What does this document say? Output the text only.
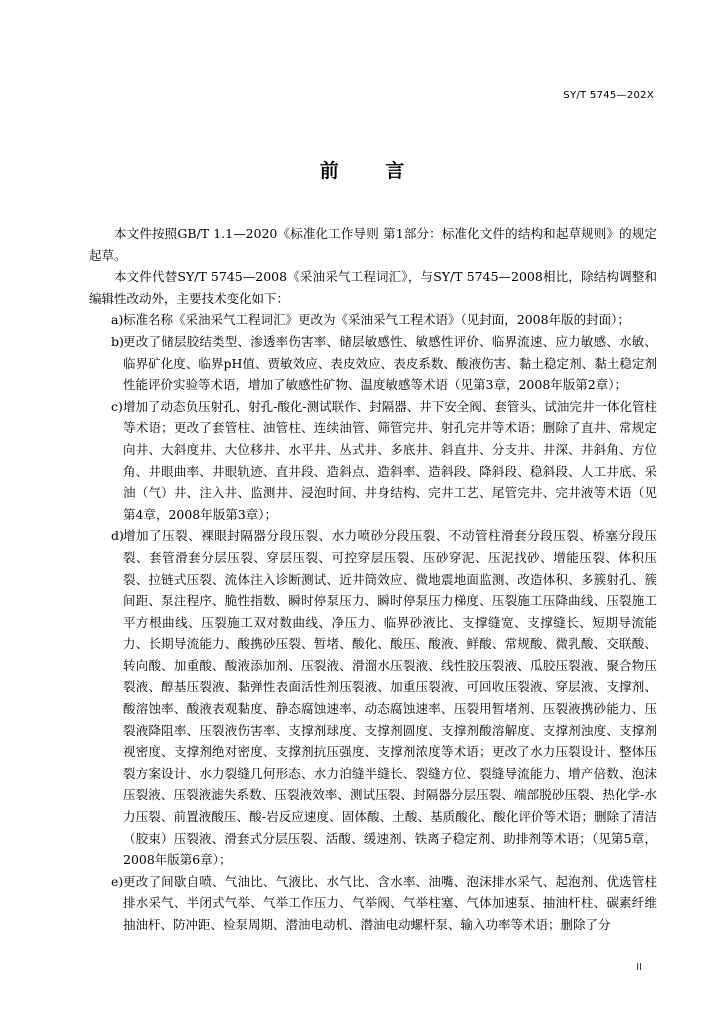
SY/T 5745—202X
前 言

本文件按照GB/T 1.1—2020《标准化工作导则 第1部分：标准化文件的结构和起草规则》的规定起草。

本文件代替SY/T 5745—2008《采油采气工程词汇》，与SY/T 5745—2008相比，除结构调整和编辑性改动外，主要技术变化如下：

a) 标准名称《采油采气工程词汇》更改为《采油采气工程术语》（见封面，2008年版的封面）；
b) 更改了储层胶结类型、渗透率伤害率、储层敏感性、敏感性评价、临界流速、应力敏感、水敏、临界矿化度、临界pH值、贾敏效应、表皮效应、表皮系数、酸液伤害、黏土稳定剂、黏土稳定剂性能评价实验等术语，增加了敏感性矿物、温度敏感等术语（见第3章，2008年版第2章）；
c) 增加了动态负压射孔、射孔-酸化-测试联作、封隔器、井下安全阀、套管头、试油完井一体化管柱等术语；更改了套管柱、油管柱、连续油管、筛管完井、射孔完井等术语；删除了直井、常规定向井、大斜度井、大位移井、水平井、丛式井、多底井、斜直井、分支井、井深、井斜角、方位角、井眼曲率、井眼轨迹、直井段、造斜点、造斜率、造斜段、降斜段、稳斜段、人工井底、采油（气）井、注入井、监测井、浸泡时间、井身结构、完井工艺、尾管完井、完井液等术语（见第4章，2008年版第3章）；
d) 增加了压裂、裸眼封隔器分段压裂、水力喷砂分段压裂、不动管柱滑套分段压裂、桥塞分段压裂、套管滑套分层压裂、穿层压裂、可控穿层压裂、压砂穿泥、压泥找砂、增能压裂、体积压裂、拉链式压裂、流体注入诊断测试、近井筒效应、微地震地面监测、改造体积、多簇射孔、簇间距、泵注程序、脆性指数、瞬时停泵压力、瞬时停泵压力梯度、压裂施工压降曲线、压裂施工平方根曲线、压裂施工双对数曲线、净压力、临界砂液比、支撑缝宽、支撑缝长、短期导流能力、长期导流能力、酸携砂压裂、暂堵、酸化、酸压、酸液、鲜酸、常规酸、微乳酸、交联酸、转向酸、加重酸、酸液添加剂、压裂液、滑溜水压裂液、线性胶压裂液、瓜胶压裂液、聚合物压裂液、醇基压裂液、黏弹性表面活性剂压裂液、加重压裂液、可回收压裂液、穿层液、支撑剂、酸溶蚀率、酸液表观黏度、静态腐蚀速率、动态腐蚀速率、压裂用暂堵剂、压裂液携砂能力、压裂液降阻率、压裂液伤害率、支撑剂球度、支撑剂圆度、支撑剂酸溶解度、支撑剂浊度、支撑剂视密度、支撑剂绝对密度、支撑剂抗压强度、支撑剂浓度等术语；更改了水力压裂设计、整体压裂方案设计、水力裂缝几何形态、水力泊缝半缝长、裂缝方位、裂缝导流能力、增产倍数、泡沫压裂液、压裂液滤失系数、压裂液效率、测试压裂、封隔器分层压裂、端部脱砂压裂、热化学-水力压裂、前置液酸压、酸-岩反应速度、固体酸、土酸、基质酸化、酸化评价等术语；删除了清洁（胶束）压裂液、滑套式分层压裂、活酸、缓速剂、铁离子稳定剂、助排剂等术语；（见第5章，2008年版第6章）；
e) 更改了间歇自喷、气油比、气液比、水气比、含水率、油嘴、泡沫排水采气、起泡剂、优选管柱排水采气、半闭式气举、气举工作压力、气举阀、气举柱塞、气体加速泵、抽油杆柱、碳素纤维抽油杆、防冲距、检泵周期、潜油电动机、潜油电动螺杆泵、输入功率等术语；删除了分
II
